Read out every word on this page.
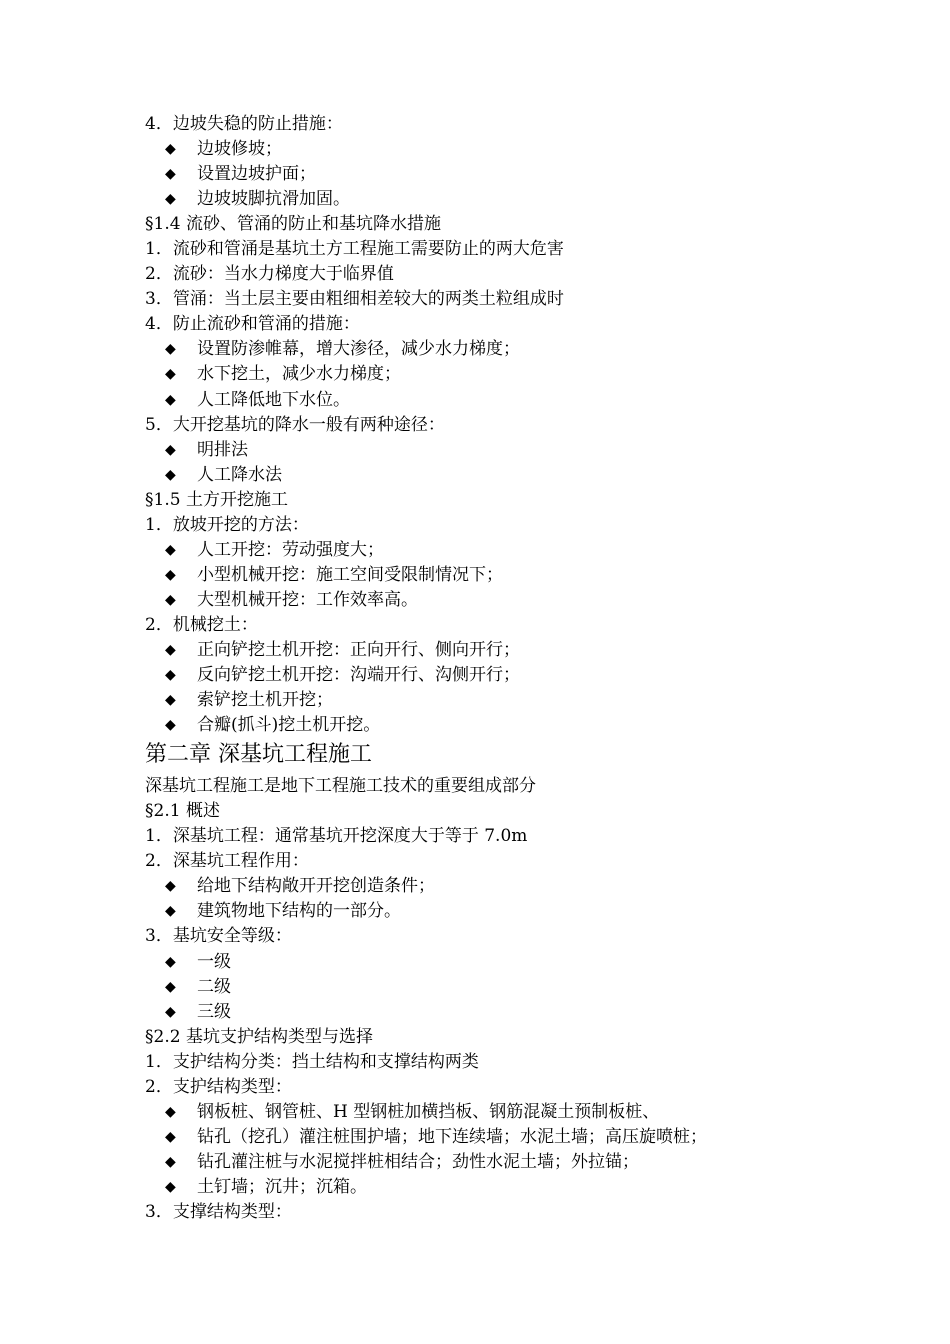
4．边坡失稳的防止措施：
◆ 边坡修坡；
◆ 设置边坡护面；
◆ 边坡坡脚抗滑加固。
§1.4 流砂、管涌的防止和基坑降水措施
1．流砂和管涌是基坑土方工程施工需要防止的两大危害
2．流砂：当水力梯度大于临界值
3．管涌：当土层主要由粗细相差较大的两类土粒组成时
4．防止流砂和管涌的措施：
◆ 设置防渗帷幕，增大渗径，减少水力梯度；
◆ 水下挖土，减少水力梯度；
◆ 人工降低地下水位。
5．大开挖基坑的降水一般有两种途径：
◆ 明排法
◆ 人工降水法
§1.5 土方开挖施工
1．放坡开挖的方法：
◆ 人工开挖：劳动强度大；
◆ 小型机械开挖：施工空间受限制情况下；
◆ 大型机械开挖：工作效率高。
2．机械挖土：
◆ 正向铲挖土机开挖：正向开行、侧向开行；
◆ 反向铲挖土机开挖：沟端开行、沟侧开行；
◆ 索铲挖土机开挖；
◆ 合瓣(抓斗)挖土机开挖。
第二章 深基坑工程施工
深基坑工程施工是地下工程施工技术的重要组成部分
§2.1 概述
1．深基坑工程：通常基坑开挖深度大于等于 7.0m
2．深基坑工程作用：
◆ 给地下结构敞开开挖创造条件；
◆ 建筑物地下结构的一部分。
3．基坑安全等级：
◆ 一级
◆ 二级
◆ 三级
§2.2 基坑支护结构类型与选择
1．支护结构分类：挡土结构和支撑结构两类
2．支护结构类型：
◆ 钢板桩、钢管桩、H 型钢桩加横挡板、钢筋混凝土预制板桩、
◆ 钻孔（挖孔）灌注桩围护墙；地下连续墙；水泥土墙；高压旋喷桩；
◆ 钻孔灌注桩与水泥搅拌桩相结合；劲性水泥土墙；外拉锚；
◆ 土钉墙；沉井；沉箱。
3．支撑结构类型：
